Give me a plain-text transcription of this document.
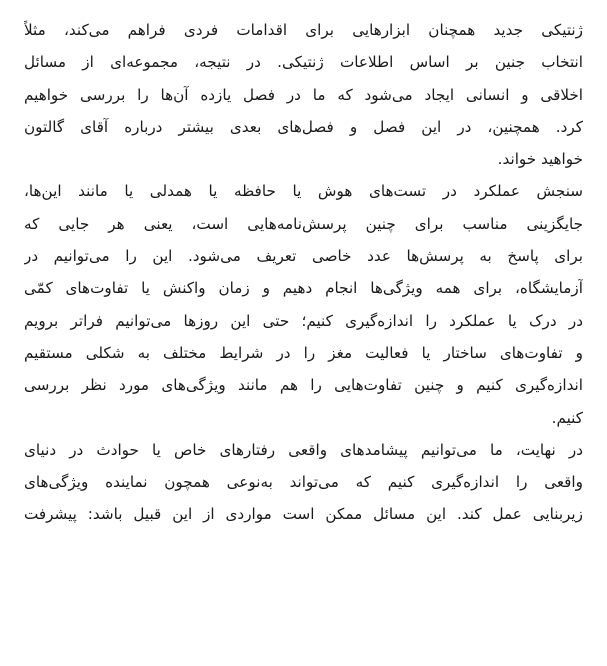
ژنتیکی جدید همچنان ابزارهایی برای اقدامات فردی فراهم می‌کند، مثلاً
انتخاب جنین بر اساس اطلاعات ژنتیکی. در نتیجه، مجموعه‌ای از مسائل
اخلاقی و انسانی ایجاد می‌شود که ما در فصل یازده آن‌ها را بررسی خواهیم
کرد. همچنین، در این فصل و فصل‌های بعدی بیشتر درباره آقای گالتون
خواهید خواند.

سنجش عملکرد در تست‌های هوش یا حافظه یا همدلی یا مانند این‌ها،
جایگزینی مناسب برای چنین پرسش‌نامه‌هایی است، یعنی هر جایی که
برای پاسخ به پرسش‌ها عدد خاصی تعریف می‌شود. این را می‌توانیم در
آزمایشگاه، برای همه ویژگی‌ها انجام دهیم و زمان واکنش یا تفاوت‌های کمّی
در درک یا عملکرد را اندازه‌گیری کنیم؛ حتی این روزها می‌توانیم فراتر برویم
و تفاوت‌های ساختار یا فعالیت مغز را در شرایط مختلف به شکلی مستقیم
اندازه‌گیری کنیم و چنین تفاوت‌هایی را هم مانند ویژگی‌های مورد نظر بررسی
کنیم.

در نهایت، ما می‌توانیم پیشامدهای واقعی رفتارهای خاص یا حوادث در دنیای
واقعی را اندازه‌گیری کنیم که می‌تواند به‌نوعی همچون نماینده ویژگی‌های
زیربنایی عمل کند. این مسائل ممکن است مواردی از این قبیل باشد: پیشرفت
